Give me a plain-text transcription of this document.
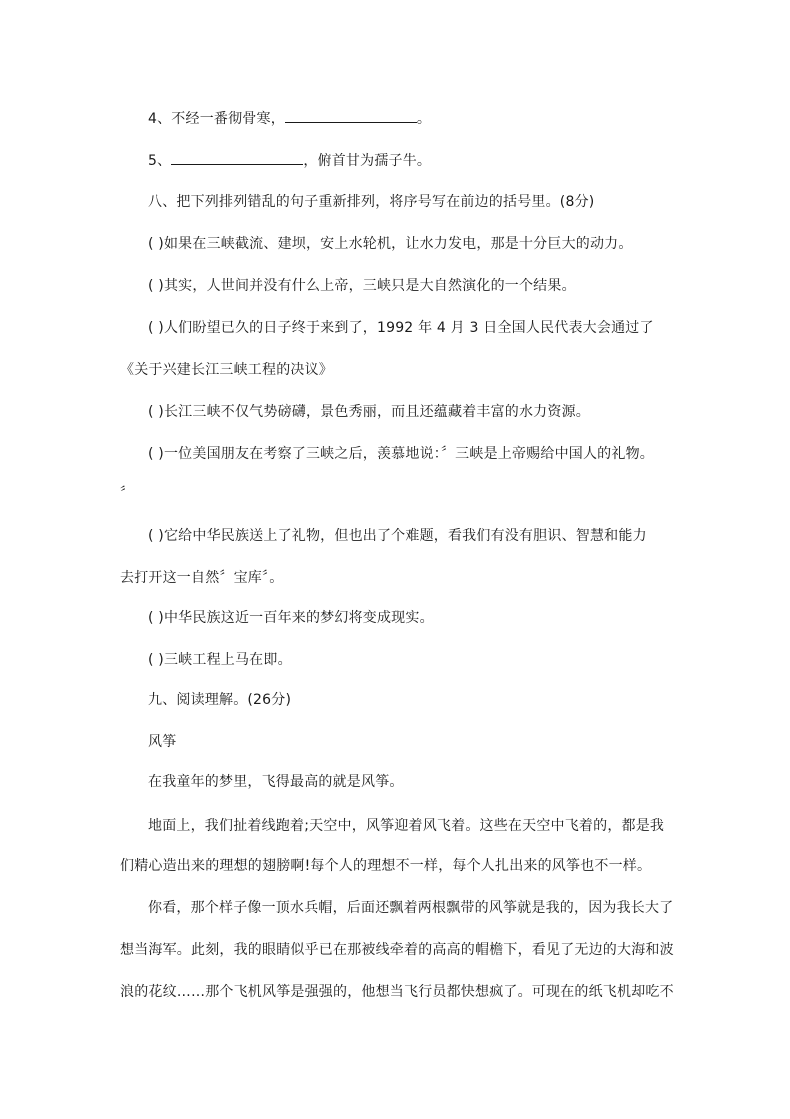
4、不经一番彻骨寒，	。
5、	，俯首甘为孺子牛。
八、把下列排列错乱的句子重新排列，将序号写在前边的括号里。(8分)
( )如果在三峡截流、建坝，安上水轮机，让水力发电，那是十分巨大的动力。
( )其实，人世间并没有什么上帝，三峡只是大自然演化的一个结果。
( )人们盼望已久的日子终于来到了，1992 年 4 月 3 日全国人民代表大会通过了
《关于兴建长江三峡工程的决议》
( )长江三峡不仅气势磅礴，景色秀丽，而且还蕴藏着丰富的水力资源。
( )一位美国朋友在考察了三峡之后，羡慕地说：〞三峡是上帝赐给中国人的礼物。
〞
( )它给中华民族送上了礼物，但也出了个难题，看我们有没有胆识、智慧和能力
去打开这一自然〞宝库〞。
( )中华民族这近一百年来的梦幻将变成现实。
( )三峡工程上马在即。
九、阅读理解。(26分)
风筝
在我童年的梦里，飞得最高的就是风筝。
地面上，我们扯着线跑着;天空中，风筝迎着风飞着。这些在天空中飞着的，都是我
们精心造出来的理想的翅膀啊!每个人的理想不一样，每个人扎出来的风筝也不一样。
你看，那个样子像一顶水兵帽，后面还飘着两根飘带的风筝就是我的，因为我长大了
想当海军。此刻，我的眼睛似乎已在那被线牵着的高高的帽檐下，看见了无边的大海和波
浪的花纹……那个飞机风筝是强强的，他想当飞行员都快想疯了。可现在的纸飞机却吃不
